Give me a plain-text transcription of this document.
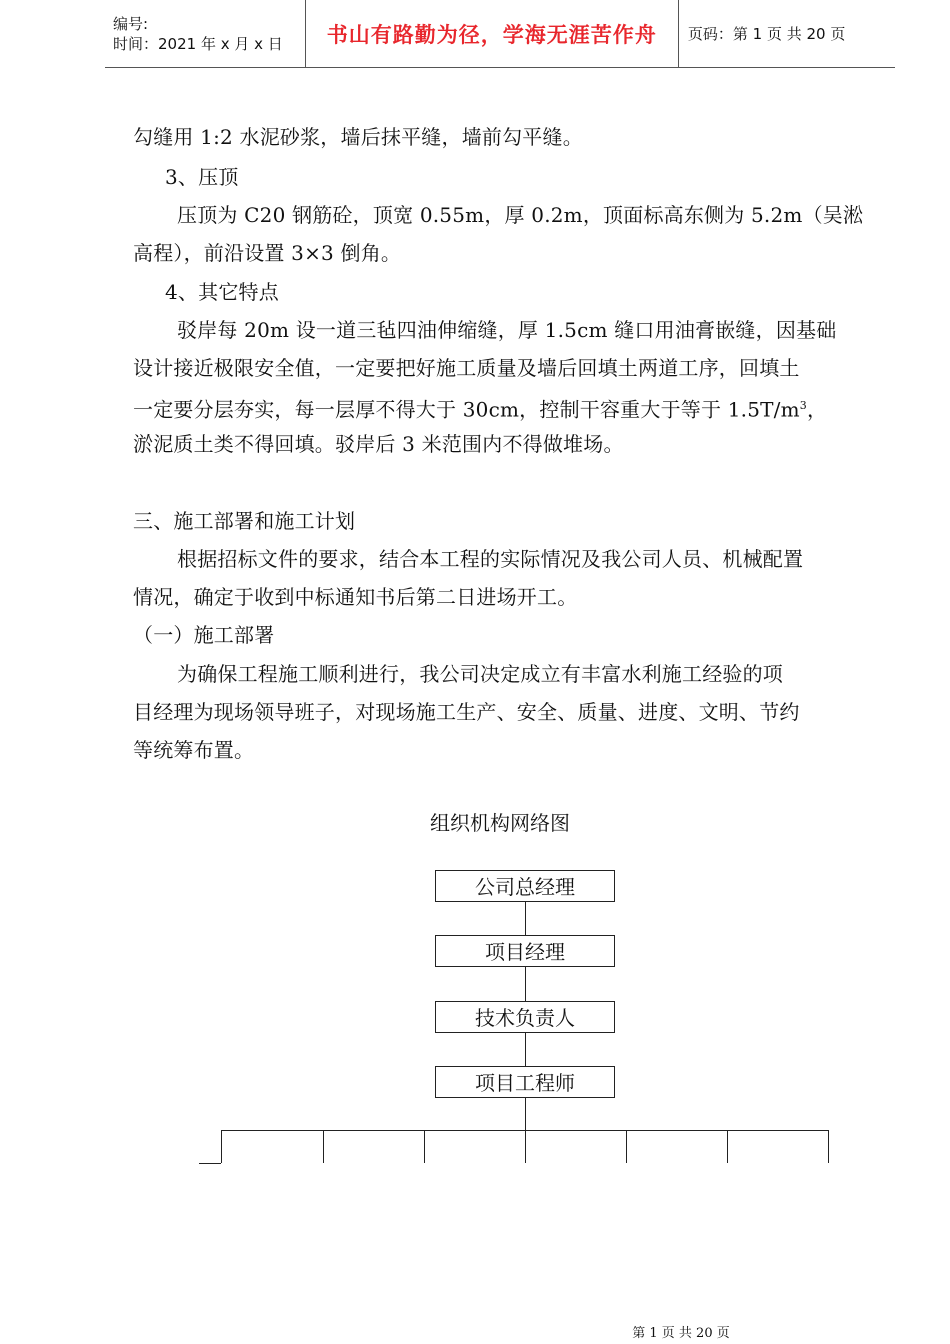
编号:
时间：2021 年 x 月 x 日	书山有路勤为径，学海无涯苦作舟	页码：第 1 页 共 20 页
勾缝用 1:2 水泥砂浆，墙后抹平缝，墙前勾平缝。
3、压顶
压顶为 C20 钢筋砼，顶宽 0.55m，厚 0.2m，顶面标高东侧为 5.2m（吴淞
高程），前沿设置 3×3 倒角。
4、其它特点
驳岸每 20m 设一道三毡四油伸缩缝，厚 1.5cm 缝口用油膏嵌缝，因基础
设计接近极限安全值，一定要把好施工质量及墙后回填土两道工序，回填土
一定要分层夯实，每一层厚不得大于 30cm，控制干容重大于等于 $1.5T/m^3$，
淤泥质土类不得回填。驳岸后 3 米范围内不得做堆场。
三、施工部署和施工计划
根据招标文件的要求，结合本工程的实际情况及我公司人员、机械配置
情况，确定于收到中标通知书后第二日进场开工。
（一）施工部署
为确保工程施工顺利进行，我公司决定成立有丰富水利施工经验的项
目经理为现场领导班子，对现场施工生产、安全、质量、进度、文明、节约
等统筹布置。
组织机构网络图
公司总经理
项目经理
技术负责人
项目工程师
第 1 页 共 20 页
